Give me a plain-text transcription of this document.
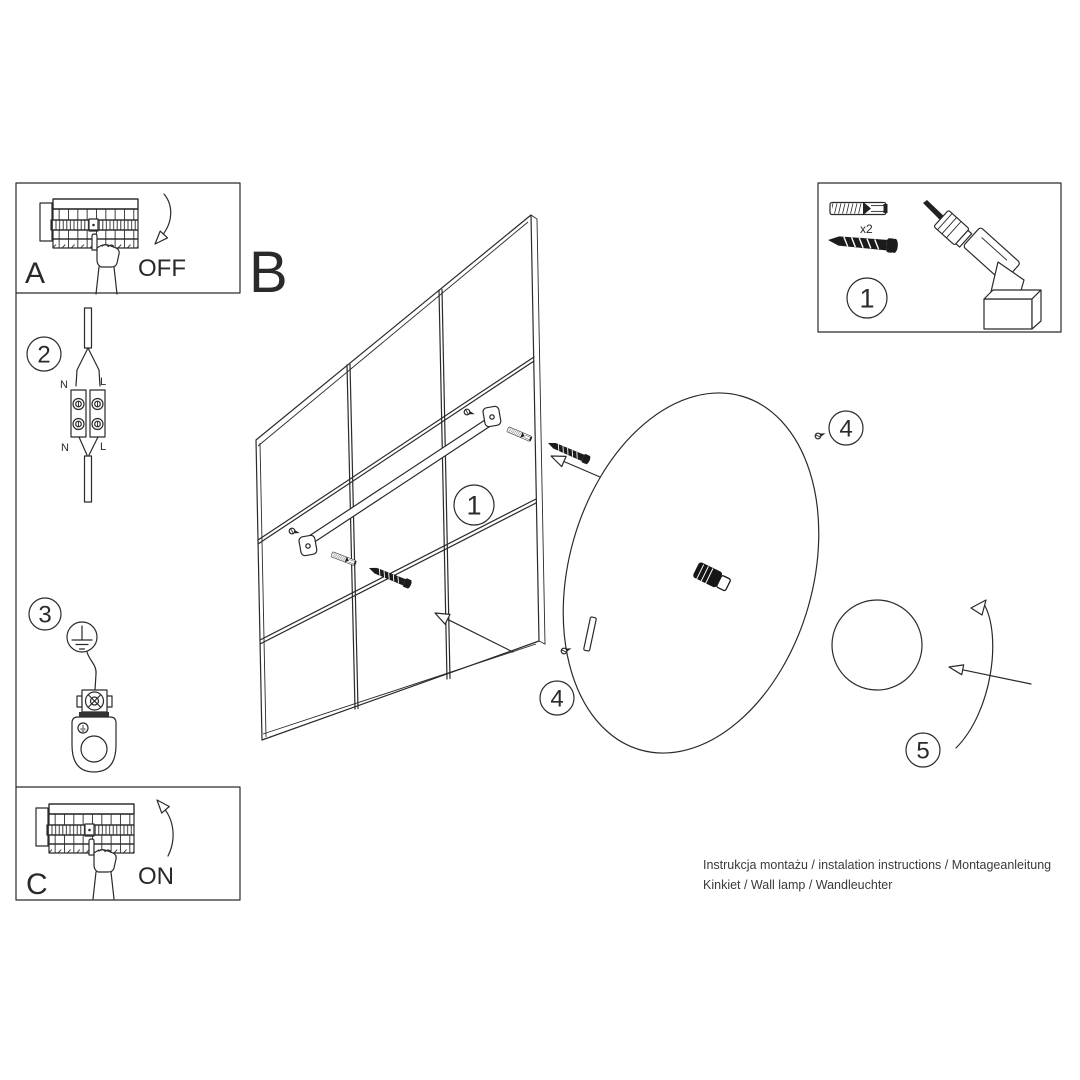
OFF
A
2
N	L
N	L
3
ON
C
B
1
4
4
x2
1
5
Instrukcja montażu / instalation instructions / Montageanleitung
Kinkiet / Wall lamp / Wandleuchter
